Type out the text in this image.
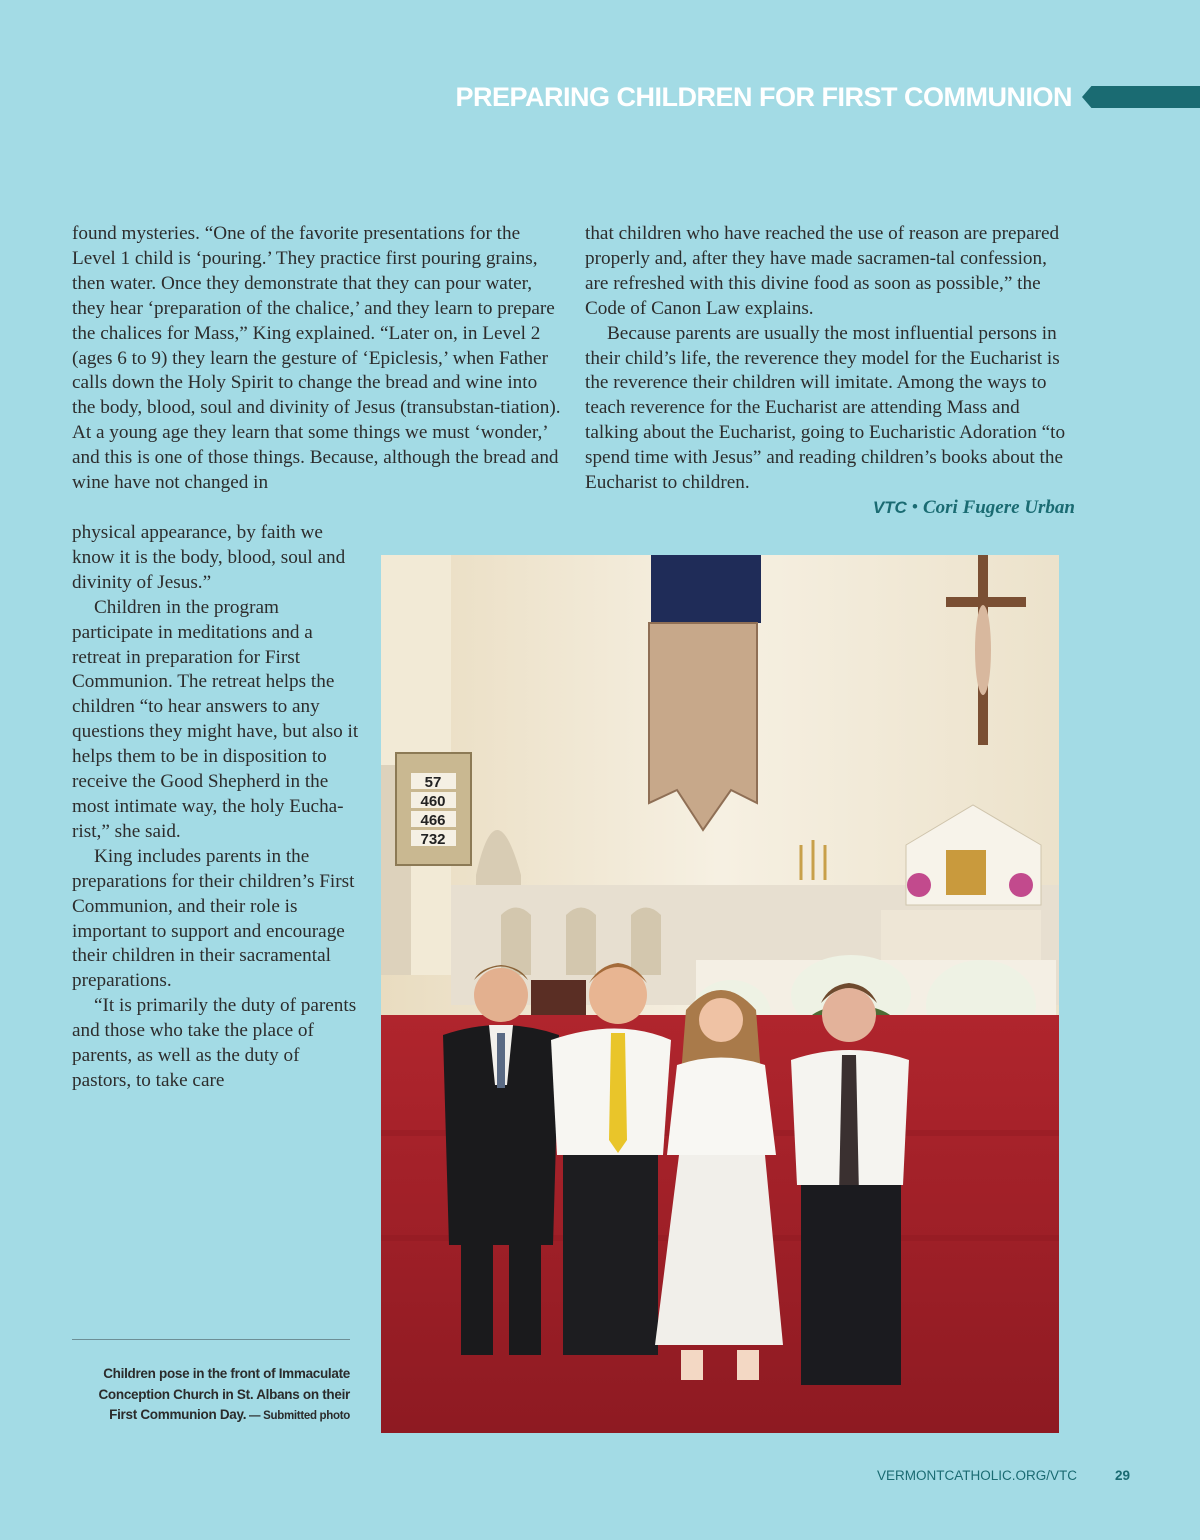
PREPARING CHILDREN FOR FIRST COMMUNION

found mysteries. “One of the favorite presentations for the Level 1 child is ‘pouring.’ They practice first pouring grains, then water. Once they demonstrate that they can pour water, they hear ‘preparation of the chalice,’ and they learn to prepare the chalices for Mass,” King explained. “Later on, in Level 2 (ages 6 to 9) they learn the gesture of ‘Epiclesis,’ when Father calls down the Holy Spirit to change the bread and wine into the body, blood, soul and divinity of Jesus (transubstan-tiation). At a young age they learn that some things we must ‘wonder,’ and this is one of those things. Because, although the bread and wine have not changed in

physical appearance, by faith we know it is the body, blood, soul and divinity of Jesus.”

Children in the program participate in meditations and a retreat in preparation for First Communion. The retreat helps the children “to hear answers to any questions they might have, but also it helps them to be in disposition to receive the Good Shepherd in the most intimate way, the holy Eucha-rist,” she said.

King includes parents in the preparations for their children’s First Communion, and their role is important to support and encourage their children in their sacramental preparations.

“It is primarily the duty of parents and those who take the place of parents, as well as the duty of pastors, to take care

that children who have reached the use of reason are prepared properly and, after they have made sacramen-tal confession, are refreshed with this divine food as soon as possible,” the Code of Canon Law explains.

Because parents are usually the most influential persons in their child’s life, the reverence they model for the Eucharist is the reverence their children will imitate. Among the ways to teach reverence for the Eucharist are attending Mass and talking about the Eucharist, going to Eucharistic Adoration “to spend time with Jesus” and reading children’s books about the Eucharist to children.

VTC • Cori Fugere Urban
57
460
466
732
Children pose in the front of Immaculate Conception Church in St. Albans on their First Communion Day. — Submitted photo
VERMONTCATHOLIC.ORG/VTC	29
